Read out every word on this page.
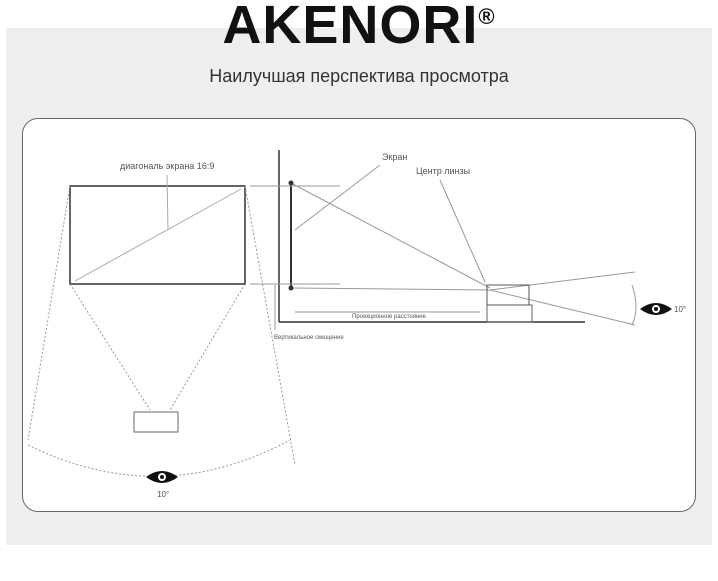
AKENORI®
Наилучшая перспектива просмотра
диагональ экрана 16:9
Экран
Центр линзы
Проекционное расстояние
Вертикальное смещение
10°
10°
